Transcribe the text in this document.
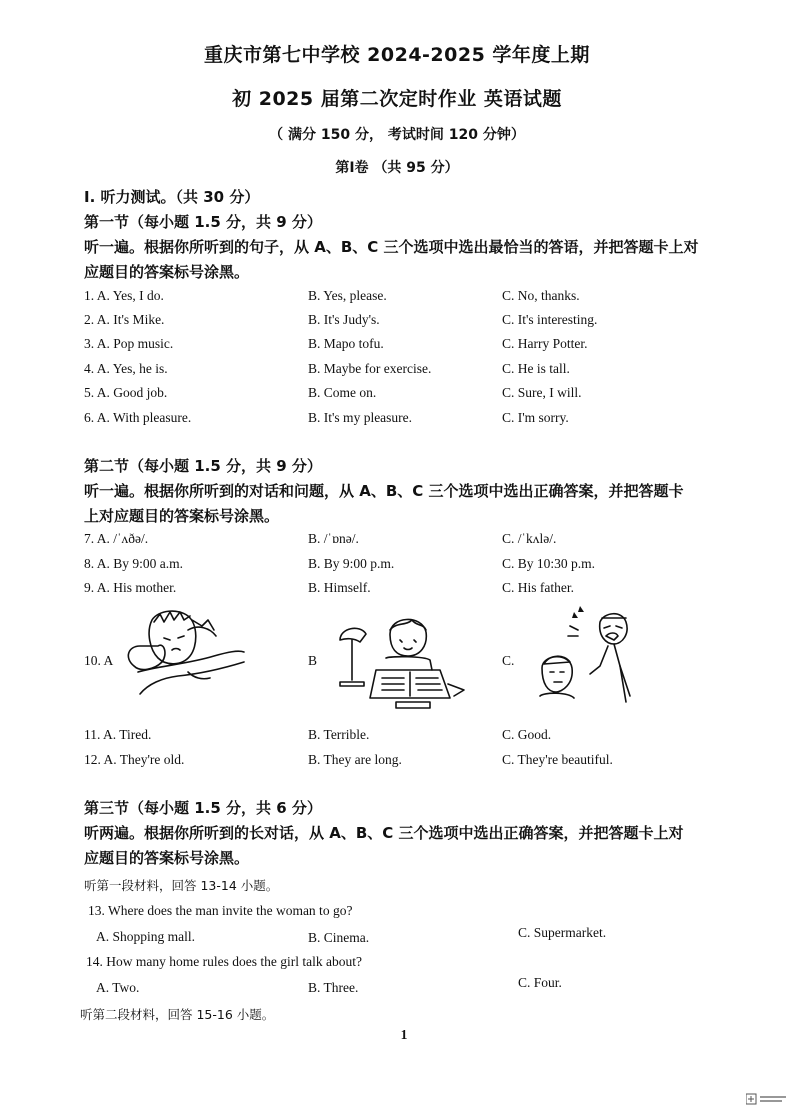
重庆市第七中学校 2024-2025 学年度上期
初 2025 届第二次定时作业 英语试题
（ 满分 150 分， 考试时间 120 分钟）
第Ⅰ卷 （共 95 分）
Ⅰ. 听力测试。（共 30 分）
第一节（每小题 1.5 分，共 9 分）
听一遍。根据你所听到的句子，从 A、B、C 三个选项中选出最恰当的答语，并把答题卡上对
应题目的答案标号涂黑。
1. A. Yes, I do.	B. Yes, please.	C. No, thanks.
2. A. It's Mike.	B. It's Judy's.	C. It's interesting.
3. A. Pop music.	B. Mapo tofu.	C. Harry Potter.
4. A. Yes, he is.	B. Maybe for exercise.	C. He is tall.
5. A. Good job.	B. Come on.	C. Sure, I will.
6. A. With pleasure.	B. It's my pleasure.	C. I'm sorry.
第二节（每小题 1.5 分，共 9 分）
听一遍。根据你所听到的对话和问题，从 A、B、C 三个选项中选出正确答案，并把答题卡
上对应题目的答案标号涂黑。
7. A. /ˈʌðə/.	B. /ˈɒnə/.	C. /ˈkʌlə/.
8. A. By 9:00 a.m.	B. By 9:00 p.m.	C. By 10:30 p.m.
9. A. His mother.	B. Himself.	C. His father.
10. A	B	C.
11. A. Tired.	B. Terrible.	C. Good.
12. A. They're old.	B. They are long.	C. They're beautiful.
第三节（每小题 1.5 分，共 6 分）
听两遍。根据你所听到的长对话，从 A、B、C 三个选项中选出正确答案，并把答题卡上对
应题目的答案标号涂黑。
听第一段材料，回答 13-14 小题。
13. Where does the man invite the woman to go?
A. Shopping mall.	B. Cinema.	C. Supermarket.
14. How many home rules does the girl talk about?
A. Two.	B. Three.	C. Four.
听第二段材料，回答 15-16 小题。
1
